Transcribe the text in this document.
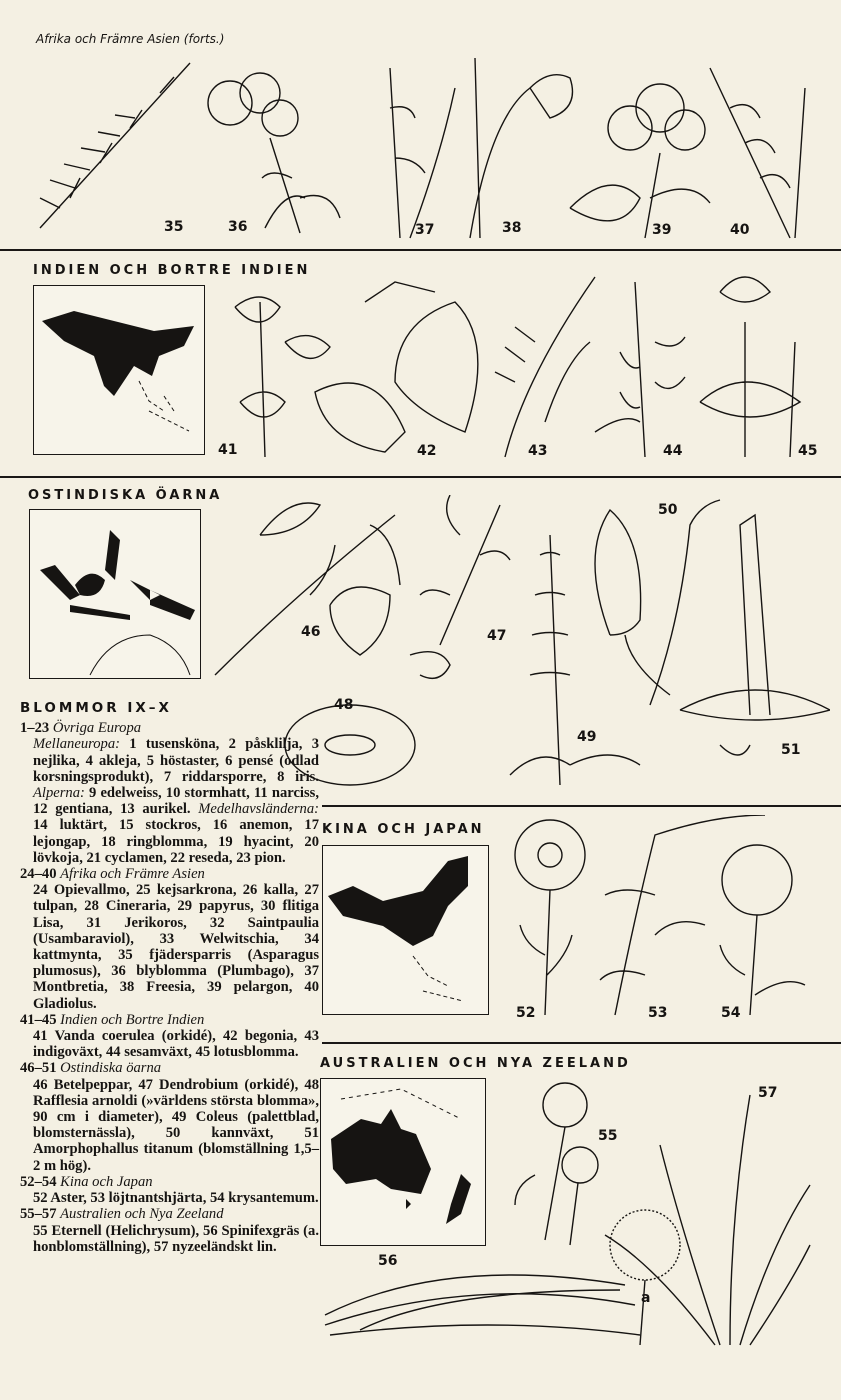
Afrika och Främre Asien (forts.)
35	36	37	38	39	40
INDIEN OCH BORTRE INDIEN
41	42	43	44	45
OSTINDISKA ÖARNA
46	47
50
48
49
51
KINA OCH JAPAN
52	53	54
AUSTRALIEN OCH NYA ZEELAND
55
57
56
a
BLOMMOR IX–X

1–23 Övriga Europa
Mellaneuropa: 1 tusensköna, 2 påsklilja, 3 nejlika, 4 akleja, 5 höstaster, 6 pensé (odlad korsningsprodukt), 7 riddarsporre, 8 iris. Alperna: 9 edelweiss, 10 stormhatt, 11 narciss, 12 gentiana, 13 aurikel. Medelhavsländerna: 14 luktärt, 15 stockros, 16 anemon, 17 lejongap, 18 ringblomma, 19 hyacint, 20 lövkoja, 21 cyclamen, 22 reseda, 23 pion.

24–40 Afrika och Främre Asien
24 Opievallmo, 25 kejsarkrona, 26 kalla, 27 tulpan, 28 Cineraria, 29 papyrus, 30 flitiga Lisa, 31 Jerikoros, 32 Saintpaulia (Usambaraviol), 33 Welwitschia, 34 kattmynta, 35 fjädersparris (Asparagus plumosus), 36 blyblomma (Plumbago), 37 Montbretia, 38 Freesia, 39 pelargon, 40 Gladiolus.

41–45 Indien och Bortre Indien
41 Vanda coerulea (orkidé), 42 begonia, 43 indigoväxt, 44 sesamväxt, 45 lotusblomma.

46–51 Ostindiska öarna
46 Betelpeppar, 47 Dendrobium (orkidé), 48 Rafflesia arnoldi (»världens största blomma», 90 cm i diameter), 49 Coleus (palettblad, blomsternässla), 50 kannväxt, 51 Amorphophallus titanum (blomställning 1,5–2 m hög).

52–54 Kina och Japan
52 Aster, 53 löjtnantshjärta, 54 krysantemum.

55–57 Australien och Nya Zeeland
55 Eternell (Helichrysum), 56 Spinifexgräs (a. honblomställning), 57 nyzeeländskt lin.
